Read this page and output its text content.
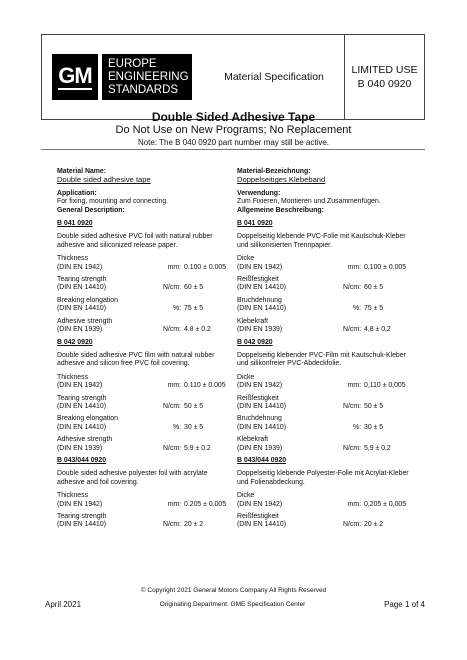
GM EUROPE
ENGINEERING
STANDARDS
Material Specification
LIMITED USE
B 040 0920
Double Sided Adhesive Tape
Do Not Use on New Programs; No Replacement
Note: The B 040 0920 part number may still be active.
Material Name:
Double sided adhesive tape
Application:
For fixing, mounting and connecting.
General Description:
B 041 0920
Double sided adhesive PVC foil with natural rubber adhesive and siliconized release paper.
Thickness
(DIN EN 1942)	mm: 0.100 ± 0.005
Tearing strength
(DIN EN 14410)	N/cm: 60 ± 5
Breaking elongation
(DIN EN 14410)	%: 75 ± 5
Adhesive strength
(DIN EN 1939)	N/cm: 4.8 ± 0.2
B 042 0920
Double sided adhesive PVC film with natural rubber adhesive and silicon free PVC foil covering.
Thickness
(DIN EN 1942)	mm: 0.110 ± 0.005
Tearing strength
(DIN EN 14410)	N/cm: 50 ± 5
Breaking elongation
(DIN EN 14410)	%: 30 ± 5
Adhesive strength
(DIN EN 1939)	N/cm: 5.9 ± 0.2
B 043/044 0920
Double sided adhesive polyester foil with acrylate adhesive and foil covering.
Thickness
(DIN EN 1942)	mm: 0.205 ± 0.005
Tearing strength
(DIN EN 14410)	N/cm: 20 ± 2
Material-Bezeichnung:
Doppelseitiges Klebeband
Verwendung:
Zum Fixieren, Montieren und Zusammenfügen.
Allgemeine Beschreibung:
B 041 0920
Doppelseitig klebende PVC-Folie mit Kautschuk-Kleber und silikonisierten Trennpapier.
Dicke
(DIN EN 1942)	mm: 0,100 ± 0,005
Reißfestigkeit
(DIN EN 14410)	N/cm: 60 ± 5
Bruchdehnung
(DIN EN 14410)	%: 75 ± 5
Klebekraft
(DIN EN 1939)	N/cm: 4,8 ± 0,2
B 042 0920
Doppelseitig klebender PVC-Film mit Kautschuk-Kleber und silikonfreier PVC-Abdeckfolie.
Dicke
(DIN EN 1942)	mm: 0,110 ± 0,005
Reißfestigkeit
(DIN EN 14410)	N/cm: 50 ± 5
Bruchdehnung
(DIN EN 14410)	%: 30 ± 5
Klebekraft
(DIN EN 1939)	N/cm: 5,9 ± 0,2
B 043/044 0920
Doppelseitig klebende Polyester-Folie mit Acrylat-Kleber und Folienabdeckung.
Dicke
(DIN EN 1942)	mm: 0,205 ± 0,005
Reißfestigkeit
(DIN EN 14410)	N/cm: 20 ± 2
© Copyright 2021 General Motors Company All Rights Reserved
April 2021	Originating Department: GME Specification Center	Page 1 of 4
